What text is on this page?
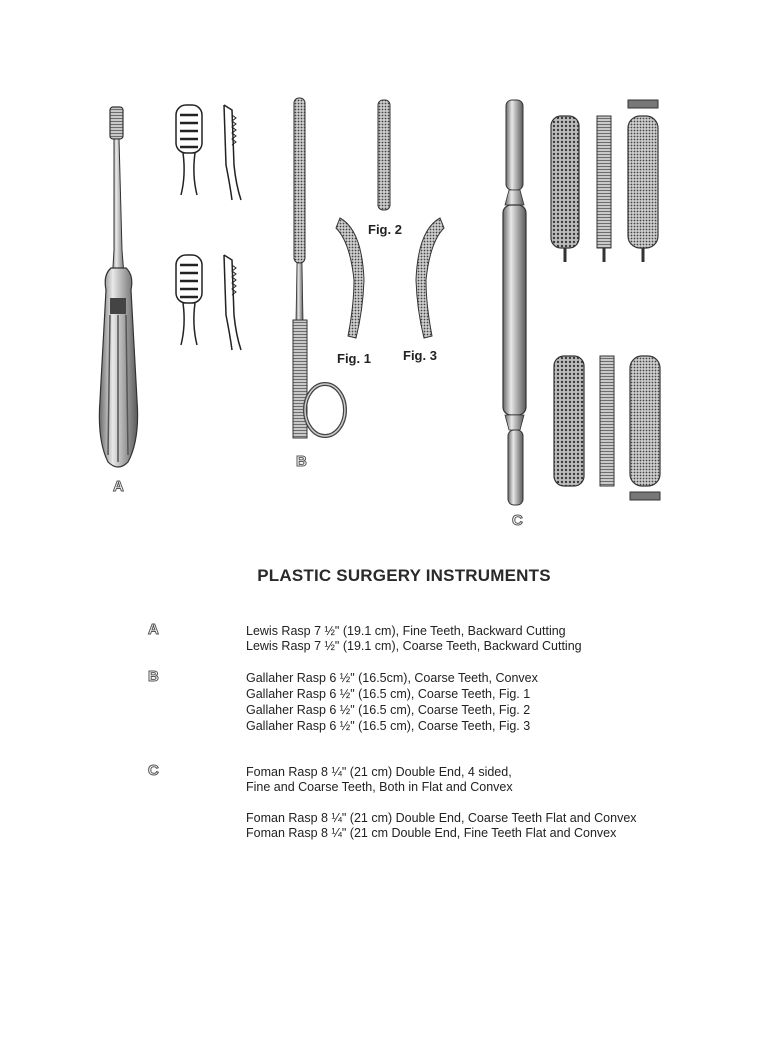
A
B
C
Fig. 2
Fig. 1 Fig. 3
PLASTIC SURGERY INSTRUMENTS
A	Lewis Rasp 7 ½" (19.1 cm), Fine Teeth, Backward Cutting
Lewis Rasp 7 ½" (19.1 cm), Coarse Teeth, Backward Cutting
B	Gallaher Rasp 6 ½" (16.5cm), Coarse Teeth, Convex
Gallaher Rasp 6 ½" (16.5 cm), Coarse Teeth, Fig. 1
Gallaher Rasp 6 ½" (16.5 cm), Coarse Teeth, Fig. 2
Gallaher Rasp 6 ½" (16.5 cm), Coarse Teeth, Fig. 3
C	Foman Rasp 8 ¼" (21 cm) Double End, 4 sided,
Fine and Coarse Teeth, Both in Flat and Convex
Foman Rasp 8 ¼" (21 cm) Double End, Coarse Teeth Flat and Convex
Foman Rasp 8 ¼" (21 cm Double End, Fine Teeth Flat and Convex
